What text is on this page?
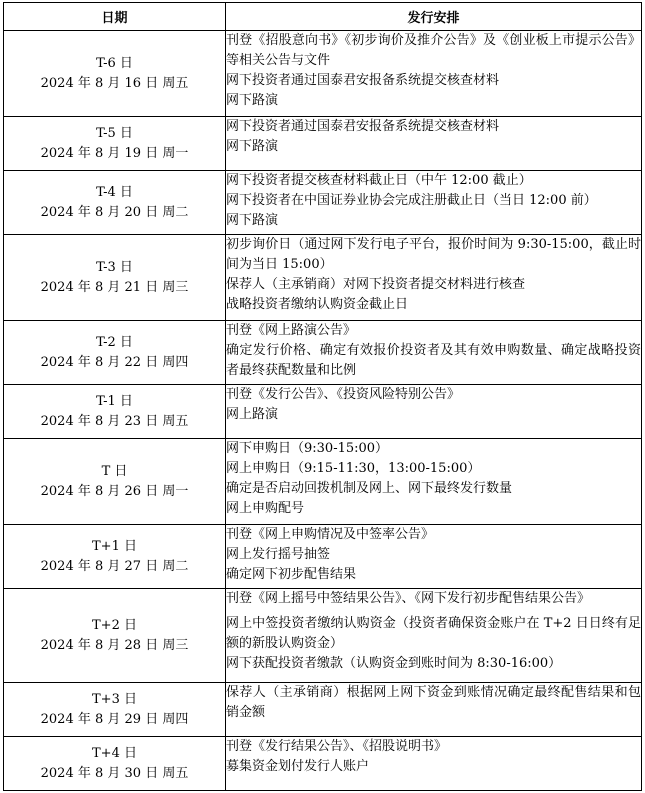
日期	发行安排

T-6 日
2024 年 8 月 16 日 周五	刊登《招股意向书》《初步询价及推介公告》及《创业板上市提示公告》等相关公告与文件
网下投资者通过国泰君安报备系统提交核查材料
网下路演

T-5 日
2024 年 8 月 19 日 周一	网下投资者通过国泰君安报备系统提交核查材料
网下路演

T-4 日
2024 年 8 月 20 日 周二	网下投资者提交核查材料截止日（中午 12:00 截止）
网下投资者在中国证券业协会完成注册截止日（当日 12:00 前）
网下路演

T-3 日
2024 年 8 月 21 日 周三	初步询价日（通过网下发行电子平台，报价时间为 9:30-15:00，截止时间为当日 15:00）
保荐人（主承销商）对网下投资者提交材料进行核查
战略投资者缴纳认购资金截止日

T-2 日
2024 年 8 月 22 日 周四	刊登《网上路演公告》
确定发行价格、确定有效报价投资者及其有效申购数量、确定战略投资者最终获配数量和比例

T-1 日
2024 年 8 月 23 日 周五	刊登《发行公告》、《投资风险特别公告》
网上路演

T 日
2024 年 8 月 26 日 周一	网下申购日（9:30-15:00）
网上申购日（9:15-11:30，13:00-15:00）
确定是否启动回拨机制及网上、网下最终发行数量
网上申购配号

T+1 日
2024 年 8 月 27 日 周二	刊登《网上申购情况及中签率公告》
网上发行摇号抽签
确定网下初步配售结果

T+2 日
2024 年 8 月 28 日 周三	刊登《网上摇号中签结果公告》、《网下发行初步配售结果公告》
网上中签投资者缴纳认购资金（投资者确保资金账户在 T+2 日日终有足额的新股认购资金）
网下获配投资者缴款（认购资金到账时间为 8:30-16:00）

T+3 日
2024 年 8 月 29 日 周四	保荐人（主承销商）根据网上网下资金到账情况确定最终配售结果和包销金额

T+4 日
2024 年 8 月 30 日 周五	刊登《发行结果公告》、《招股说明书》
募集资金划付发行人账户
